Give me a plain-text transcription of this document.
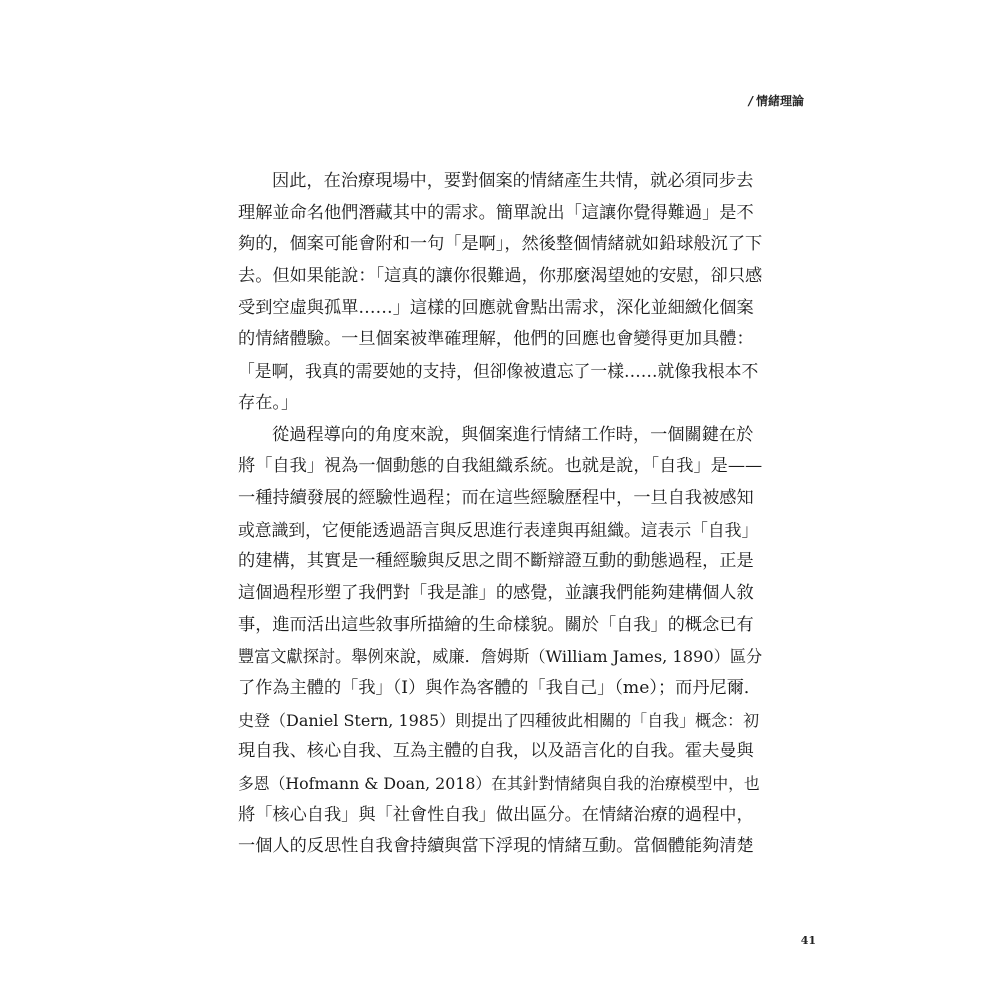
/ 情緒理論
因此，在治療現場中，要對個案的情緒產生共情，就必須同步去
理解並命名他們潛藏其中的需求。簡單說出「這讓你覺得難過」是不
夠的，個案可能會附和一句「是啊」，然後整個情緒就如鉛球般沉了下
去。但如果能說：「這真的讓你很難過，你那麼渴望她的安慰，卻只感
受到空虛與孤單……」這樣的回應就會點出需求，深化並細緻化個案
的情緒體驗。一旦個案被準確理解，他們的回應也會變得更加具體：
「是啊，我真的需要她的支持，但卻像被遺忘了一樣……就像我根本不
存在。」
從過程導向的角度來說，與個案進行情緒工作時，一個關鍵在於
將「自我」視為一個動態的自我組織系統。也就是說，「自我」是——
一種持續發展的經驗性過程；而在這些經驗歷程中，一旦自我被感知
或意識到，它便能透過語言與反思進行表達與再組織。這表示「自我」
的建構，其實是一種經驗與反思之間不斷辯證互動的動態過程，正是
這個過程形塑了我們對「我是誰」的感覺，並讓我們能夠建構個人敘
事，進而活出這些敘事所描繪的生命樣貌。關於「自我」的概念已有
豐富文獻探討。舉例來說，威廉．詹姆斯（William James, 1890）區分
了作為主體的「我」（I）與作為客體的「我自己」（me）；而丹尼爾．
史登（Daniel Stern, 1985）則提出了四種彼此相關的「自我」概念：初
現自我、核心自我、互為主體的自我，以及語言化的自我。霍夫曼與
多恩（Hofmann & Doan, 2018）在其針對情緒與自我的治療模型中，也
將「核心自我」與「社會性自我」做出區分。在情緒治療的過程中，
一個人的反思性自我會持續與當下浮現的情緒互動。當個體能夠清楚
41
